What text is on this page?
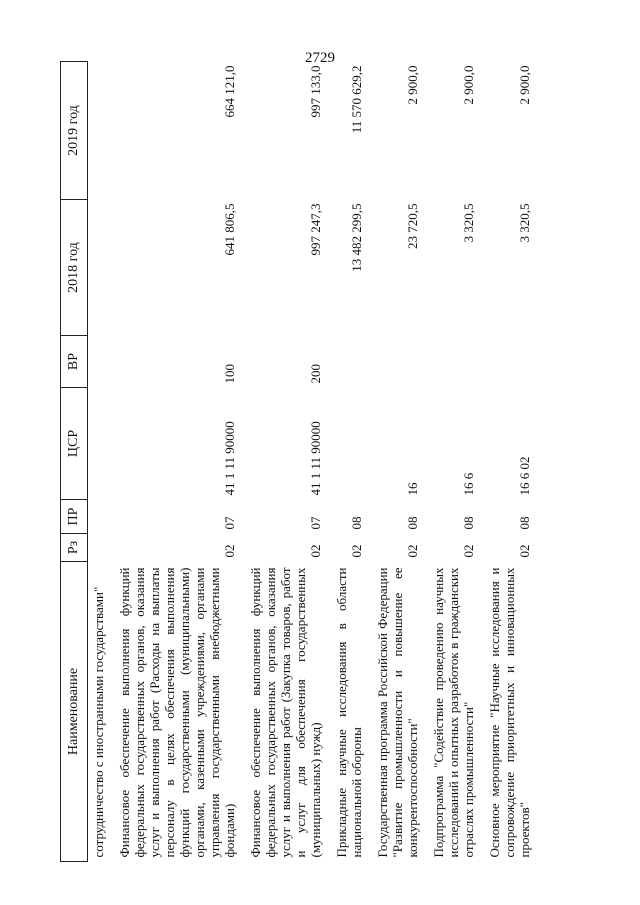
2729
Наименование	Рз	ПР	ЦСР	ВР	2018 год	2019 год
сотрудничество с иностранными государствами"						
Финансовое обеспечение выполнения функций федеральных государственных органов, оказания услуг и выполнения работ (Расходы на выплаты персоналу в целях обеспечения выполнения функций государственными (муниципальными) органами, казенными учреждениями, органами управления государственными внебюджетными фондами)	02	07	41 1 11 90000	100	641 806,5	664 121,0
Финансовое обеспечение выполнения функций федеральных государственных органов, оказания услуг и выполнения работ (Закупка товаров, работ и услуг для обеспечения государственных (муниципальных) нужд)	02	07	41 1 11 90000	200	997 247,3	997 133,0
Прикладные научные исследования в области национальной обороны	02	08			13 482 299,5	11 570 629,2
Государственная программа Российской Федерации "Развитие промышленности и повышение ее конкурентоспособности"	02	08	16		23 720,5	2 900,0
Подпрограмма "Содействие проведению научных исследований и опытных разработок в гражданских отраслях промышленности"	02	08	16 6		3 320,5	2 900,0
Основное мероприятие "Научные исследования и сопровождение приоритетных и инновационных проектов"	02	08	16 6 02		3 320,5	2 900,0
